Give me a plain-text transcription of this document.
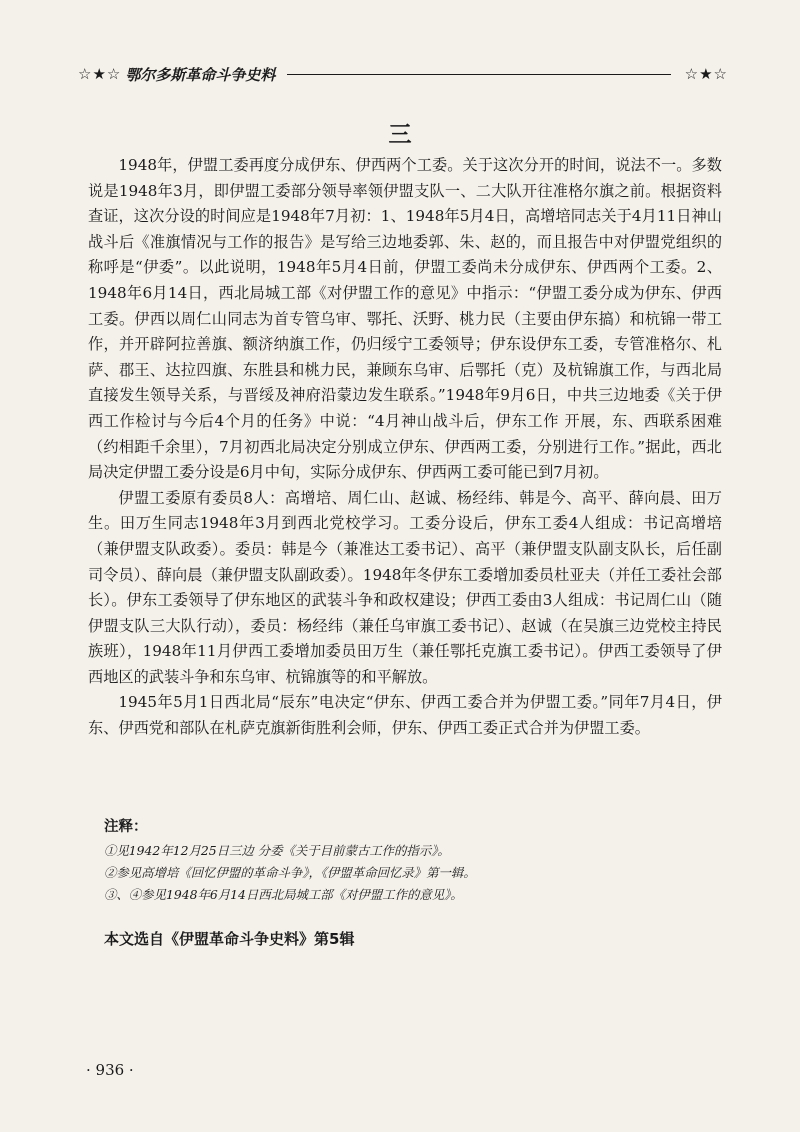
☆★☆ 鄂尔多斯革命斗争史料	☆★☆
三

1948年，伊盟工委再度分成伊东、伊西两个工委。关于这次分开的时间，说法不一。多数说是1948年3月，即伊盟工委部分领导率领伊盟支队一、二大队开往准格尔旗之前。根据资料查证，这次分设的时间应是1948年7月初：1、1948年5月4日，高增培同志关于4月11日神山战斗后《准旗情况与工作的报告》是写给三边地委郭、朱、赵的，而且报告中对伊盟党组织的称呼是“伊委”。以此说明，1948年5月4日前，伊盟工委尚未分成伊东、伊西两个工委。2、1948年6月14日，西北局城工部《对伊盟工作的意见》中指示：“伊盟工委分成为伊东、伊西工委。伊西以周仁山同志为首专管乌审、鄂托、沃野、桃力民（主要由伊东搞）和杭锦一带工作，并开辟阿拉善旗、额济纳旗工作，仍归绥宁工委领导；伊东设伊东工委，专管准格尔、札萨、郡王、达拉四旗、东胜县和桃力民，兼顾东乌审、后鄂托（克）及杭锦旗工作，与西北局直接发生领导关系，与晋绥及神府沿蒙边发生联系。”1948年9月6日，中共三边地委《关于伊西工作检讨与今后4个月的任务》中说：“4月神山战斗后，伊东工作 开展，东、西联系困难（约相距千余里），7月初西北局决定分别成立伊东、伊西两工委，分别进行工作。”据此，西北局决定伊盟工委分设是6月中旬，实际分成伊东、伊西两工委可能已到7月初。

伊盟工委原有委员8人：高增培、周仁山、赵诚、杨经纬、韩是今、高平、薛向晨、田万生。田万生同志1948年3月到西北党校学习。工委分设后，伊东工委4人组成：书记高增培（兼伊盟支队政委）。委员：韩是今（兼准达工委书记）、高平（兼伊盟支队副支队长，后任副司令员）、薛向晨（兼伊盟支队副政委）。1948年冬伊东工委增加委员杜亚夫（并任工委社会部长）。伊东工委领导了伊东地区的武装斗争和政权建设；伊西工委由3人组成：书记周仁山（随伊盟支队三大队行动），委员：杨经纬（兼任乌审旗工委书记）、赵诚（在吴旗三边党校主持民族班），1948年11月伊西工委增加委员田万生（兼任鄂托克旗工委书记）。伊西工委领导了伊西地区的武装斗争和东乌审、杭锦旗等的和平解放。

1945年5月1日西北局“辰东”电决定“伊东、伊西工委合并为伊盟工委。”同年7月4日，伊东、伊西党和部队在札萨克旗新街胜利会师，伊东、伊西工委正式合并为伊盟工委。

注释：

①见1942年12月25日三边 分委《关于目前蒙古工作的指示》。

②参见高增培《回忆伊盟的革命斗争》，《伊盟革命回忆录》第一辑。

③、④参见1948年6月14日西北局城工部《对伊盟工作的意见》。

本文选自《伊盟革命斗争史料》第5辑
· 936 ·
